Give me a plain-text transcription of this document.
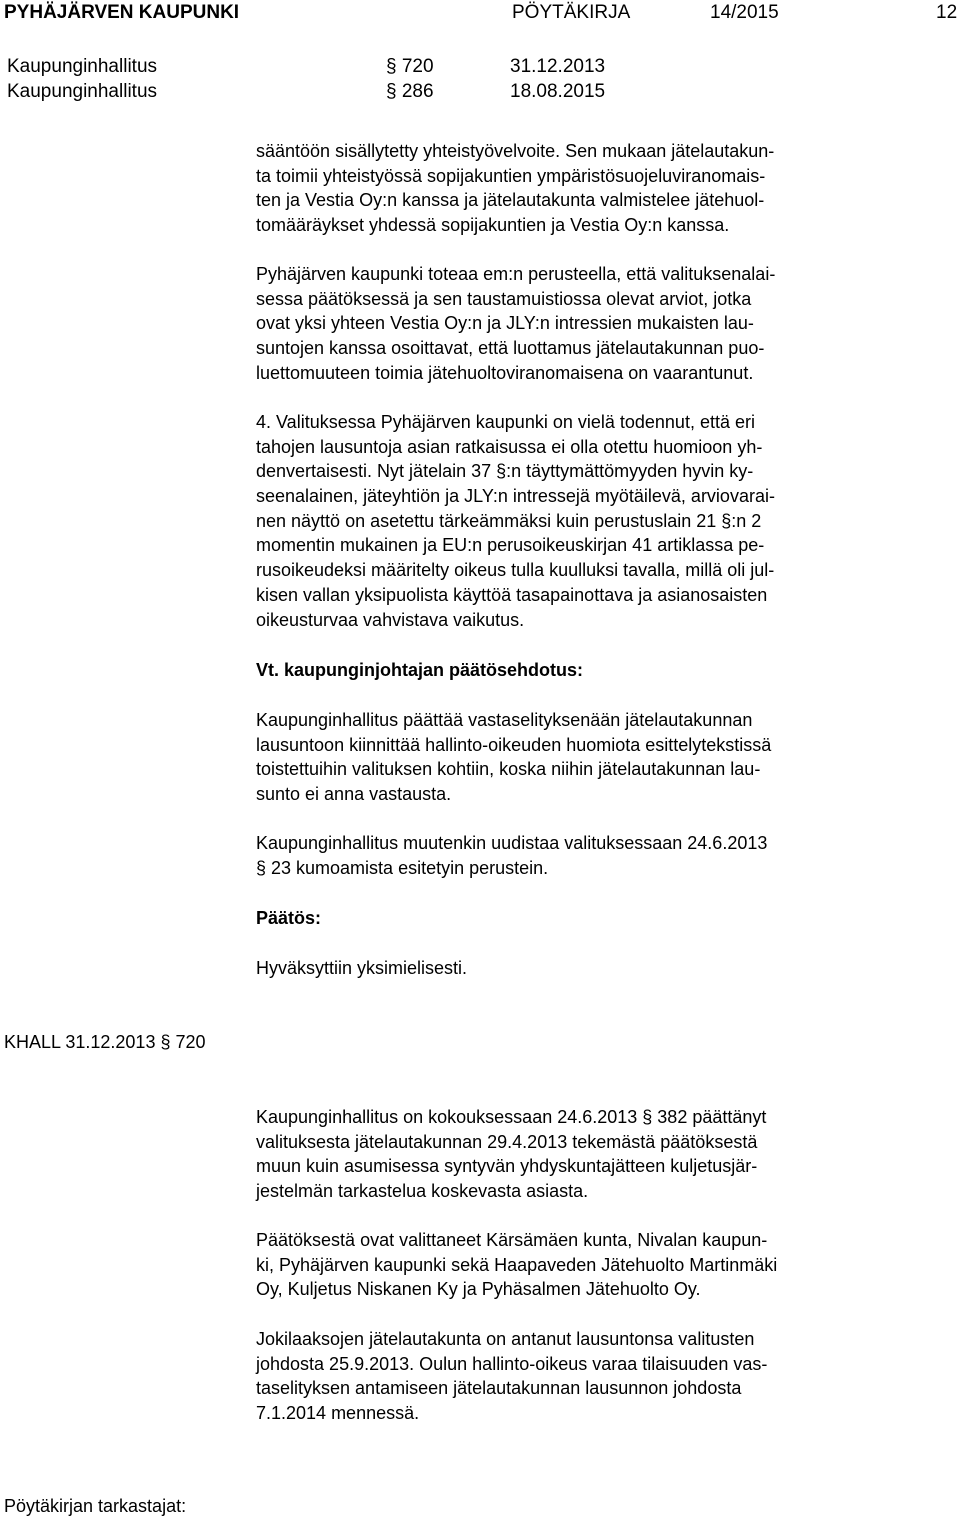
PYHÄJÄRVEN KAUPUNKI	PÖYTÄKIRJA	14/2015	12
Kaupunginhallitus	§ 720	31.12.2013
Kaupunginhallitus	§ 286	18.08.2015
sääntöön sisällytetty yhteistyövelvoite. Sen mukaan jätelautakun-
ta toimii yhteistyössä sopijakuntien ympäristösuojeluviranomais-
ten ja Vestia Oy:n kanssa ja jätelautakunta valmistelee jätehuol-
tomääräykset yhdessä sopijakuntien ja Vestia Oy:n kanssa.
Pyhäjärven kaupunki toteaa em:n perusteella, että valituksenalai-
sessa päätöksessä ja sen taustamuistiossa olevat arviot, jotka
ovat yksi yhteen Vestia Oy:n ja JLY:n intressien mukaisten lau-
suntojen kanssa osoittavat, että luottamus jätelautakunnan puo-
luettomuuteen toimia jätehuoltoviranomaisena on vaarantunut.
4. Valituksessa Pyhäjärven kaupunki on vielä todennut, että eri
tahojen lausuntoja asian ratkaisussa ei olla otettu huomioon yh-
denvertaisesti. Nyt jätelain 37 §:n täyttymättömyyden hyvin ky-
seenalainen, jäteyhtiön ja JLY:n intressejä myötäilevä, arviovarai-
nen näyttö on asetettu tärkeämmäksi kuin perustuslain 21 §:n 2
momentin mukainen ja EU:n perusoikeuskirjan 41 artiklassa pe-
rusoikeudeksi määritelty oikeus tulla kuulluksi tavalla, millä oli jul-
kisen vallan yksipuolista käyttöä tasapainottava ja asianosaisten
oikeusturvaa vahvistava vaikutus.
Vt. kaupunginjohtajan päätösehdotus:
Kaupunginhallitus päättää vastaselityksenään jätelautakunnan
lausuntoon kiinnittää hallinto-oikeuden huomiota esittelytekstissä
toistettuihin valituksen kohtiin, koska niihin jätelautakunnan lau-
sunto ei anna vastausta.
Kaupunginhallitus muutenkin uudistaa valituksessaan 24.6.2013
§ 23 kumoamista esitetyin perustein.
Päätös:
Hyväksyttiin yksimielisesti.
KHALL 31.12.2013 § 720
Kaupunginhallitus on kokouksessaan 24.6.2013 § 382 päättänyt
valituksesta jätelautakunnan 29.4.2013 tekemästä päätöksestä
muun kuin asumisessa syntyvän yhdyskuntajätteen kuljetusjär-
jestelmän tarkastelua koskevasta asiasta.
Päätöksestä ovat valittaneet Kärsämäen kunta, Nivalan kaupun-
ki, Pyhäjärven kaupunki sekä Haapaveden Jätehuolto Martinmäki
Oy, Kuljetus Niskanen Ky ja Pyhäsalmen Jätehuolto Oy.
Jokilaaksojen jätelautakunta on antanut lausuntonsa valitusten
johdosta 25.9.2013. Oulun hallinto-oikeus varaa tilaisuuden vas-
taselityksen antamiseen jätelautakunnan lausunnon johdosta
7.1.2014 mennessä.
Pöytäkirjan tarkastajat:
